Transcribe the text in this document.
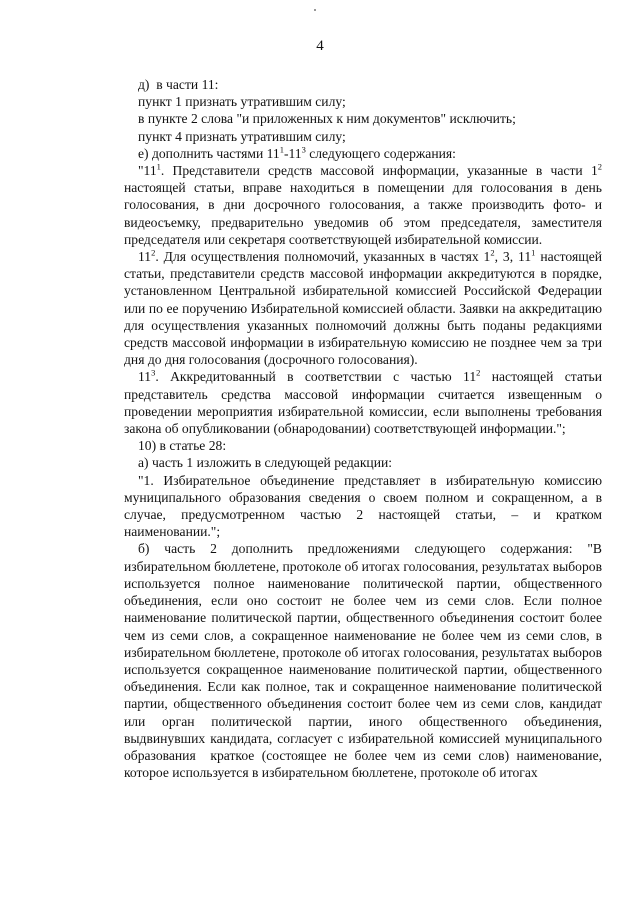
4

д)  в части 11:

пункт 1 признать утратившим силу;

в пункте 2 слова "и приложенных к ним документов" исключить;

пункт 4 признать утратившим силу;

е) дополнить частями $11^1-11^3$ следующего содержания:

"$11^1$. Представители средств массовой информации, указанные в части $1^2$ настоящей статьи, вправе находиться в помещении для голосования в день голосования, в дни досрочного голосования, а также производить фото- и видеосъемку, предварительно уведомив об этом председателя, заместителя председателя или секретаря соответствующей избирательной комиссии.

$11^2$. Для осуществления полномочий, указанных в частях $1^2$, 3, $11^1$ настоящей статьи, представители средств массовой информации аккредитуются в порядке, установленном Центральной избирательной комиссией Российской Федерации или по ее поручению Избирательной комиссией области. Заявки на аккредитацию для осуществления указанных полномочий должны быть поданы редакциями средств массовой информации в избирательную комиссию не позднее чем за три дня до дня голосования (досрочного голосования).

$11^3$. Аккредитованный в соответствии с частью $11^2$ настоящей статьи представитель средства массовой информации считается извещенным о проведении мероприятия избирательной комиссии, если выполнены требования закона об опубликовании (обнародовании) соответствующей информации.";

10) в статье 28:

а) часть 1 изложить в следующей редакции:

"1. Избирательное объединение представляет в избирательную комиссию муниципального образования сведения о своем полном и сокращенном, а в случае, предусмотренном частью 2 настоящей статьи, – и кратком наименовании.";

б) часть 2 дополнить предложениями следующего содержания: "В избирательном бюллетене, протоколе об итогах голосования, результатах выборов используется полное наименование политической партии, общественного объединения, если оно состоит не более чем из семи слов. Если полное наименование политической партии, общественного объединения состоит более чем из семи слов, а сокращенное наименование не более чем из семи слов, в избирательном бюллетене, протоколе об итогах голосования, результатах выборов используется сокращенное наименование политической партии, общественного объединения. Если как полное, так и сокращенное наименование политической партии, общественного объединения состоит более чем из семи слов, кандидат или орган политической партии, иного общественного объединения, выдвинувших кандидата, согласует с избирательной комиссией муниципального образования  краткое (состоящее не более чем из семи слов) наименование, которое используется в избирательном бюллетене, протоколе об итогах
